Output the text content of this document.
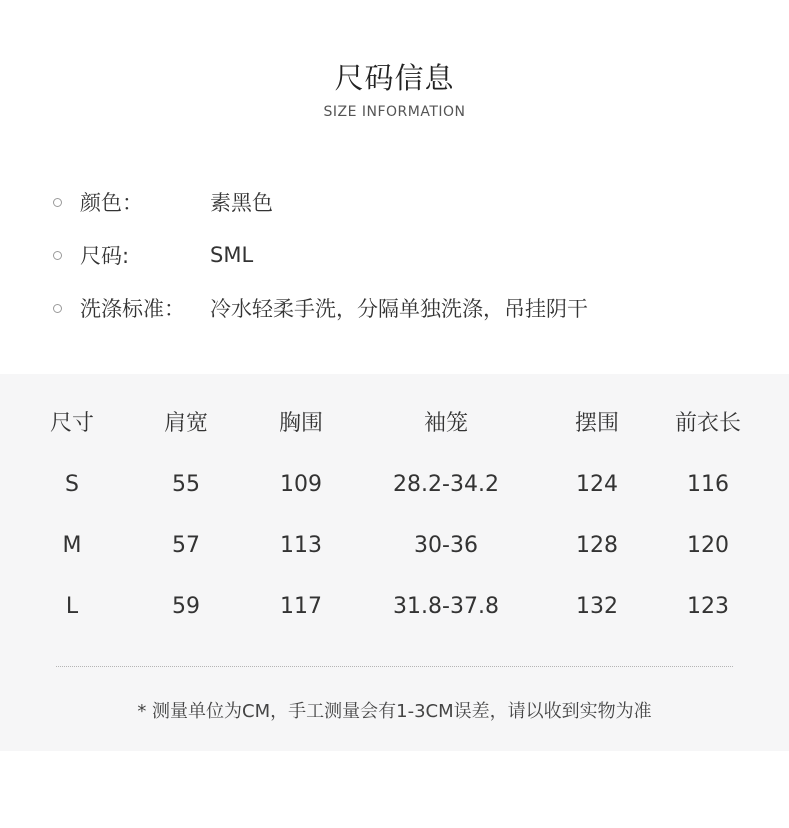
尺码信息
SIZE INFORMATION
颜色：	素黑色
尺码:	SML
洗涤标准：	冷水轻柔手洗，分隔单独洗涤，吊挂阴干
尺寸	肩宽	胸围	袖笼	摆围	前衣长
S	55	109	28.2-34.2	124	116
M	57	113	30-36	128	120
L	59	117	31.8-37.8	132	123
* 测量单位为CM，手工测量会有1-3CM误差，请以收到实物为准
